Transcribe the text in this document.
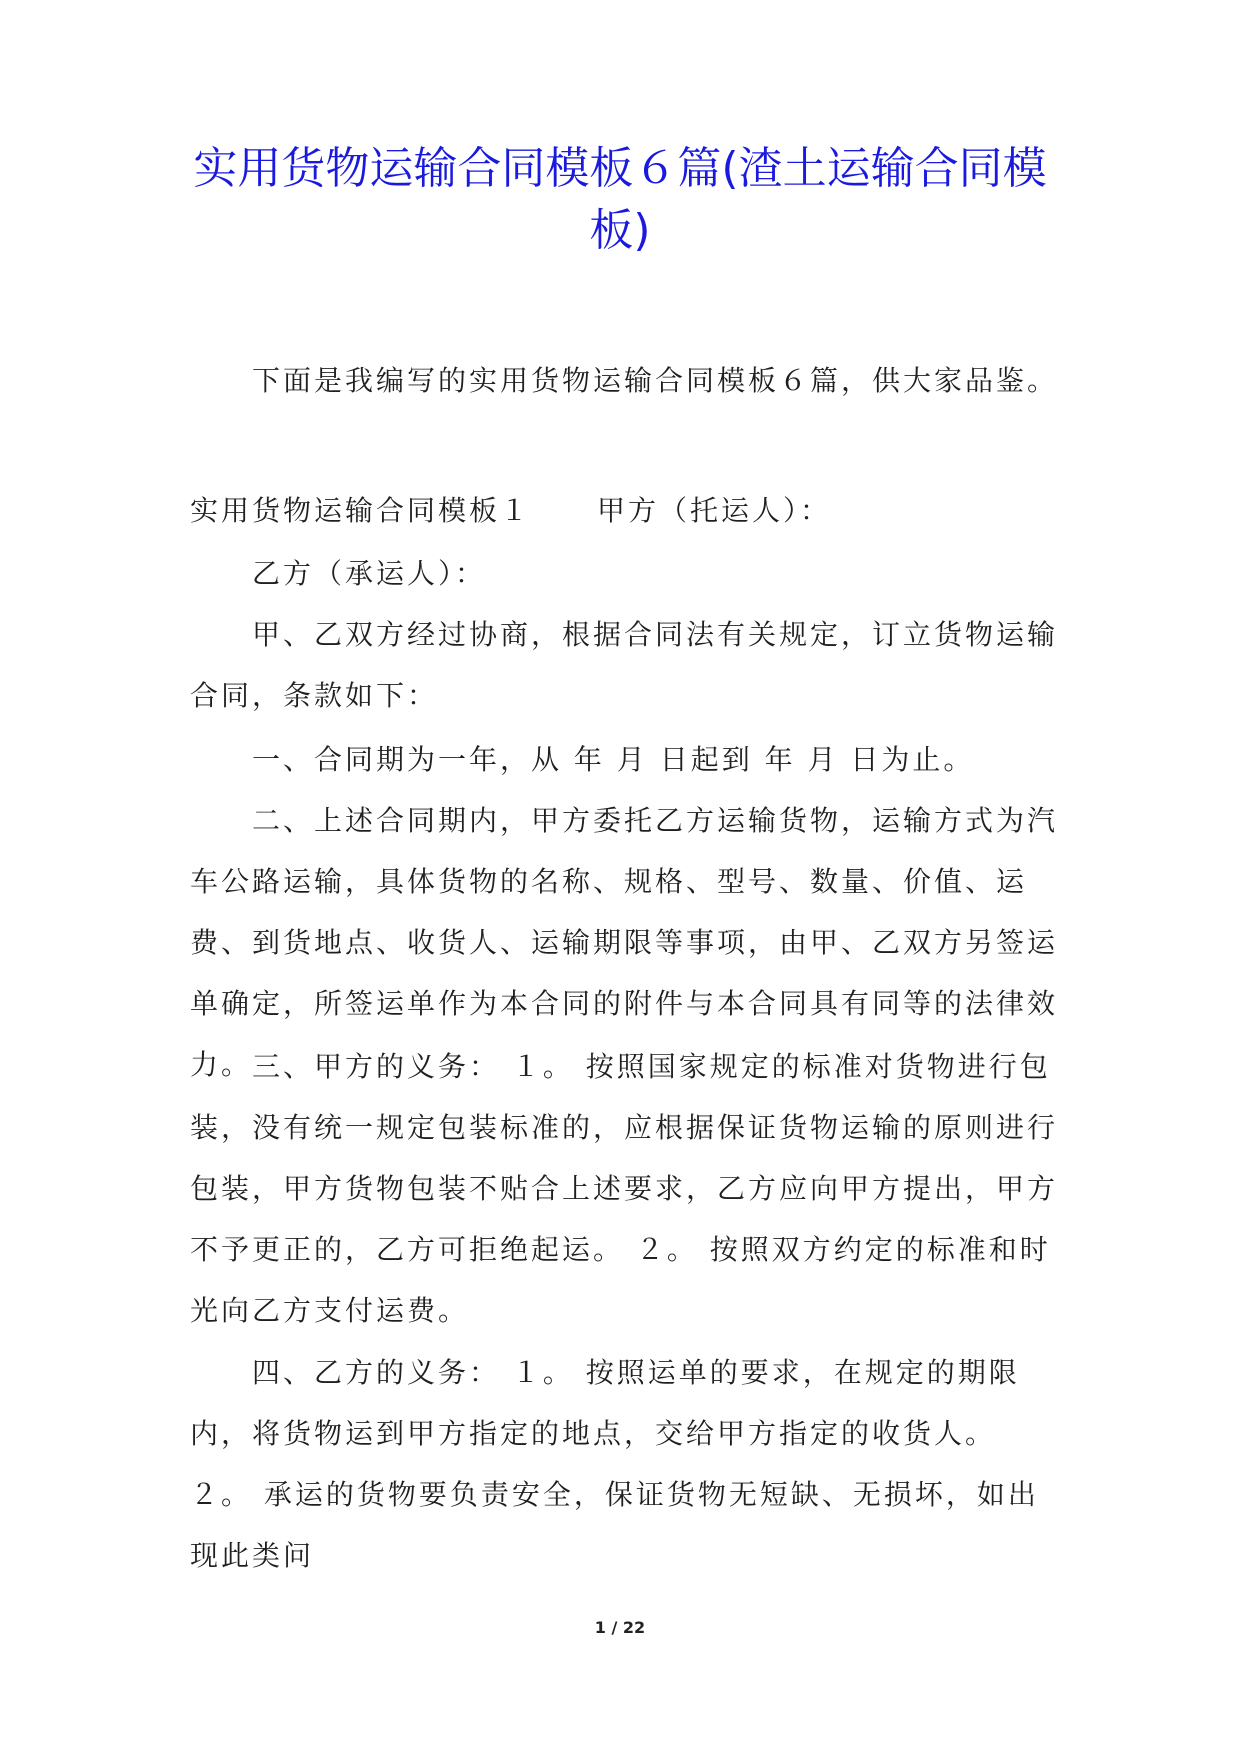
实用货物运输合同模板６篇(渣土运输合同模板)

下面是我编写的实用货物运输合同模板６篇，供大家品鉴。

实用货物运输合同模板１ 甲方（托运人）：

乙方（承运人）：

甲、乙双方经过协商，根据合同法有关规定，订立货物运输合同，条款如下：

一、合同期为一年，从 年 月 日起到 年 月 日为止。

二、上述合同期内，甲方委托乙方运输货物，运输方式为汽车公路运输，具体货物的名称、规格、型号、数量、价值、运费、到货地点、收货人、运输期限等事项，由甲、乙双方另签运单确定，所签运单作为本合同的附件与本合同具有同等的法律效力。 三、甲方的义务： １。 按照国家规定的标准对货物进行包装，没有统一规定包装标准的，应根据保证货物运输的原则进行包装，甲方货物包装不贴合上述要求，乙方应向甲方提出，甲方不予更正的，乙方可拒绝起运。 ２。 按照双方约定的标准和时光向乙方支付运费。

四、乙方的义务： １。 按照运单的要求，在规定的期限内，将货物运到甲方指定的地点，交给甲方指定的收货人。 ２。 承运的货物要负责安全，保证货物无短缺、无损坏，如出现此类问

1 / 22
